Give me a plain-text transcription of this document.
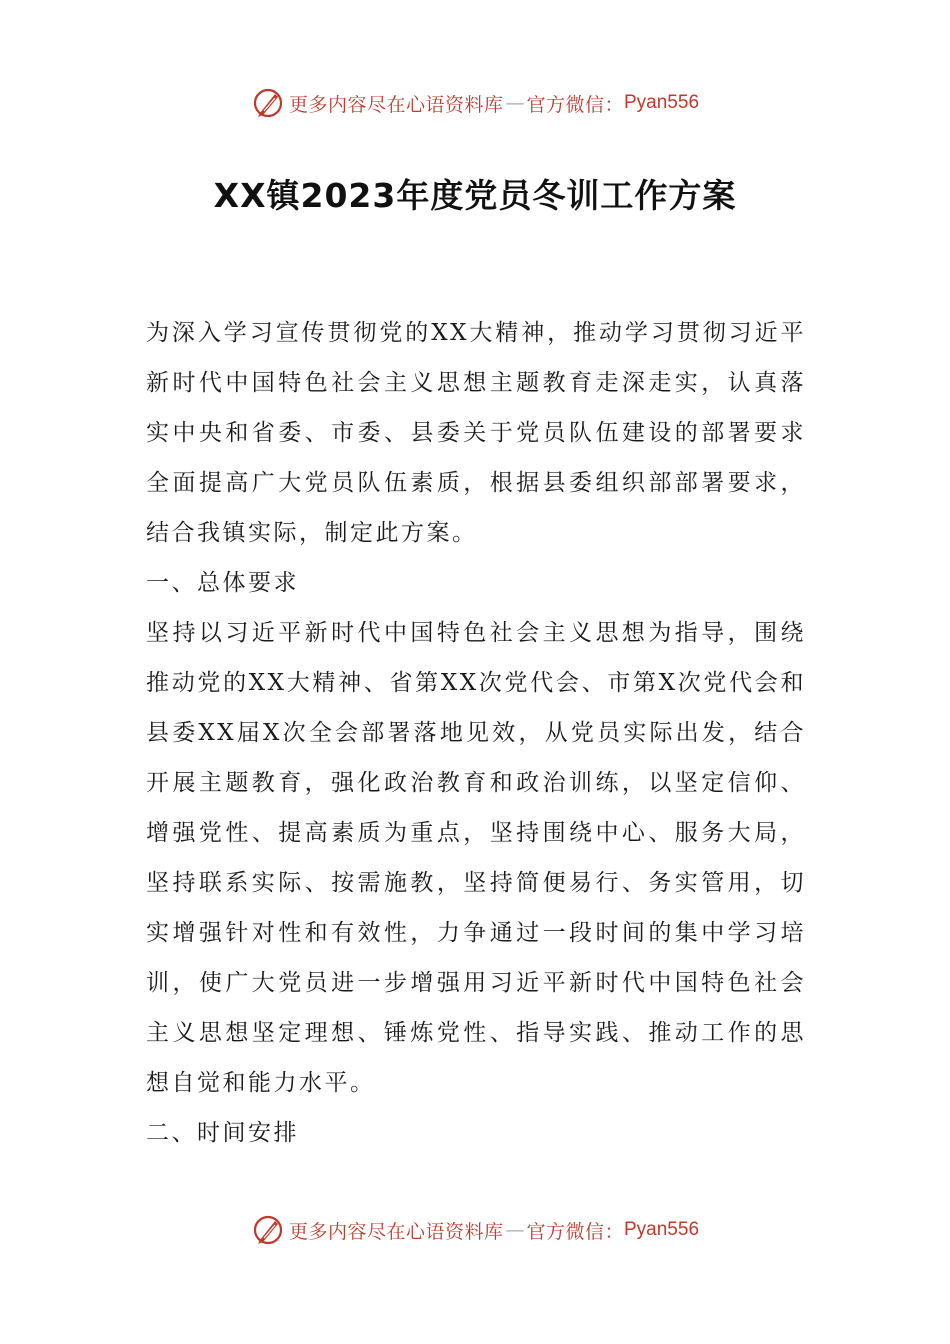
更多内容尽在心语资料库 — 官方微信： Pyan556
XX镇2023年度党员冬训工作方案

为深入学习宣传贯彻党的XX大精神，推动学习贯彻习近平新时代中国特色社会主义思想主题教育走深走实，认真落实中央和省委、市委、县委关于党员队伍建设的部署要求全面提高广大党员队伍素质，根据县委组织部部署要求，结合我镇实际，制定此方案。

一、总体要求

坚持以习近平新时代中国特色社会主义思想为指导，围绕推动党的XX大精神、省第XX次党代会、市第X次党代会和县委XX届X次全会部署落地见效，从党员实际出发，结合开展主题教育，强化政治教育和政治训练，以坚定信仰、增强党性、提高素质为重点，坚持围绕中心、服务大局，坚持联系实际、按需施教，坚持简便易行、务实管用，切实增强针对性和有效性，力争通过一段时间的集中学习培训，使广大党员进一步增强用习近平新时代中国特色社会主义思想坚定理想、锤炼党性、指导实践、推动工作的思想自觉和能力水平。

二、时间安排

更多内容尽在心语资料库 — 官方微信： Pyan556
